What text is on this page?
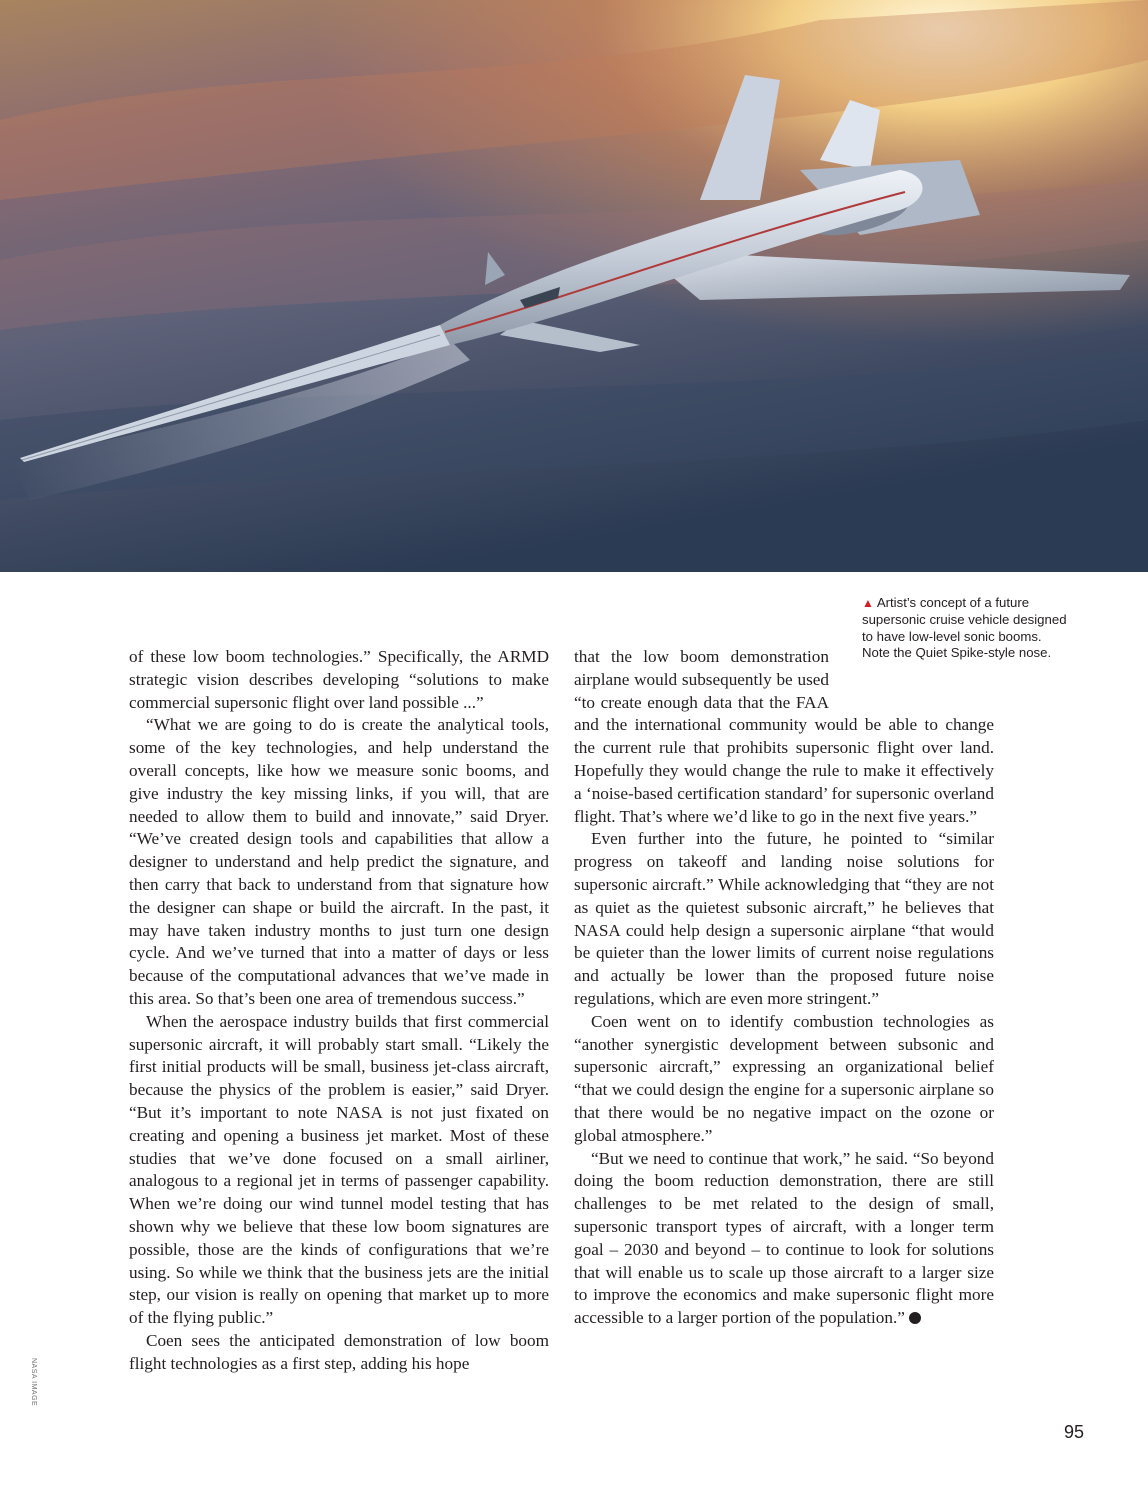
▲ Artist’s concept of a future supersonic cruise vehicle designed to have low-level sonic booms. Note the Quiet Spike-style nose.

of these low boom technologies.” Specifically, the ARMD strategic vision describes developing “solutions to make commercial supersonic flight over land possible ...”

“What we are going to do is create the analytical tools, some of the key technologies, and help understand the overall concepts, like how we measure sonic booms, and give industry the key missing links, if you will, that are needed to allow them to build and innovate,” said Dryer. “We’ve created design tools and capabilities that allow a designer to understand and help predict the signature, and then carry that back to understand from that signature how the designer can shape or build the aircraft. In the past, it may have taken industry months to just turn one design cycle. And we’ve turned that into a matter of days or less because of the computational advances that we’ve made in this area. So that’s been one area of tremendous success.”

When the aerospace industry builds that first commercial supersonic aircraft, it will probably start small. “Likely the first initial products will be small, business jet-class aircraft, because the physics of the problem is easier,” said Dryer. “But it’s important to note NASA is not just fixated on creating and opening a business jet market. Most of these studies that we’ve done focused on a small airliner, analogous to a regional jet in terms of passenger capability. When we’re doing our wind tunnel model testing that has shown why we believe that these low boom signatures are possible, those are the kinds of configurations that we’re using. So while we think that the business jets are the initial step, our vision is really on opening that market up to more of the flying public.”

Coen sees the anticipated demonstration of low boom flight technologies as a first step, adding his hope

that the low boom demonstration airplane would subsequently be used “to create enough data that the FAA and the international community would be able to change the current rule that prohibits supersonic flight over land. Hopefully they would change the rule to make it effectively a ‘noise-based certification standard’ for supersonic overland flight. That’s where we’d like to go in the next five years.”

Even further into the future, he pointed to “similar progress on takeoff and landing noise solutions for supersonic aircraft.” While acknowledging that “they are not as quiet as the quietest subsonic aircraft,” he believes that NASA could help design a supersonic airplane “that would be quieter than the lower limits of current noise regulations and actually be lower than the proposed future noise regulations, which are even more stringent.”

Coen went on to identify combustion technologies as “another synergistic development between subsonic and supersonic aircraft,” expressing an organizational belief “that we could design the engine for a supersonic airplane so that there would be no negative impact on the ozone or global atmosphere.”

“But we need to continue that work,” he said. “So beyond doing the boom reduction demonstration, there are still challenges to be met related to the design of small, supersonic transport types of aircraft, with a longer term goal – 2030 and beyond – to continue to look for solutions that will enable us to scale up those aircraft to a larger size to improve the economics and make supersonic flight more accessible to a larger portion of the population.”

NASA IMAGE
95
